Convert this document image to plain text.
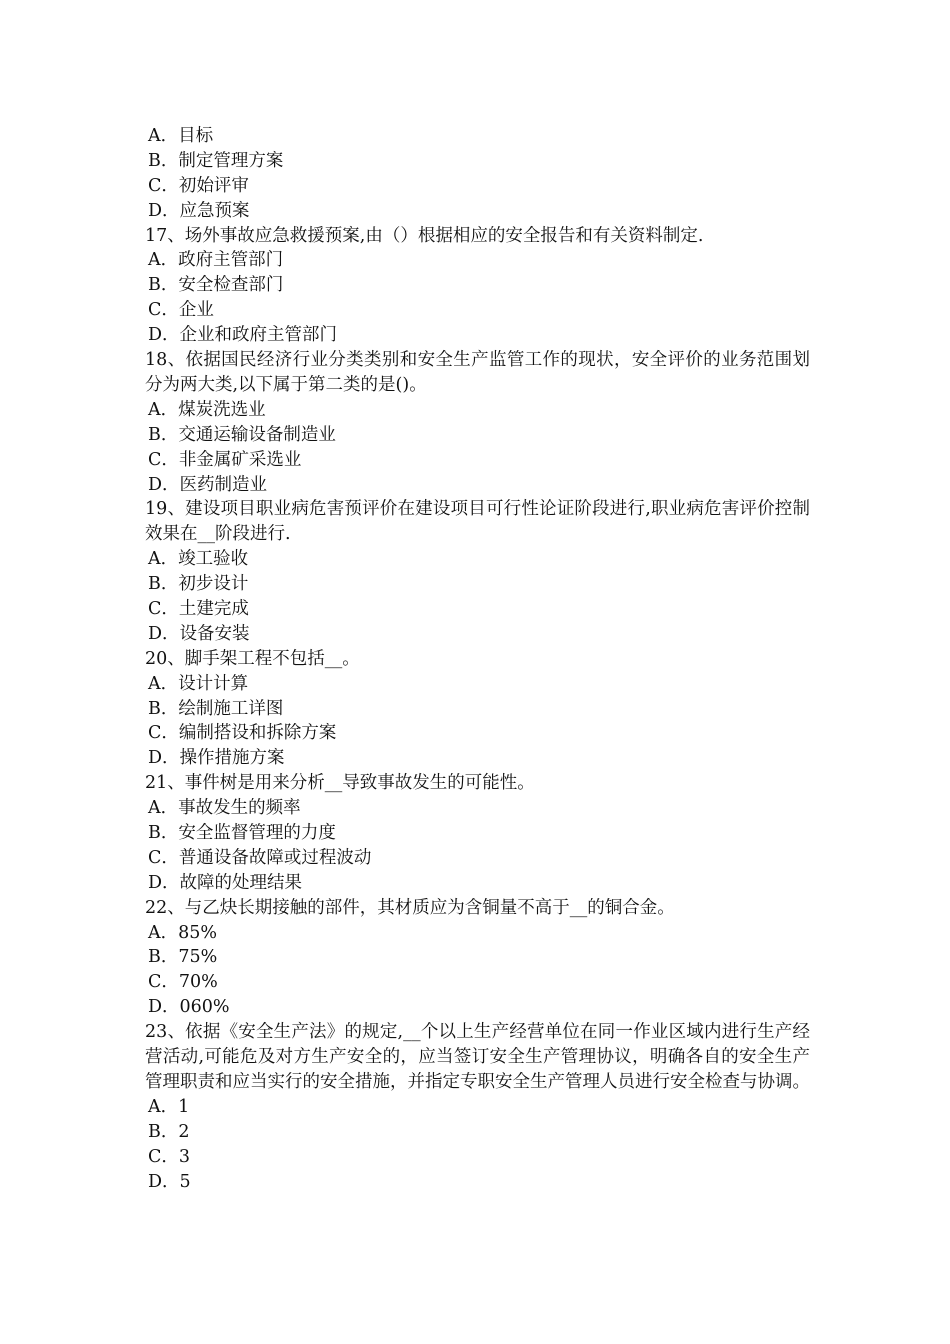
A．目标
B．制定管理方案
C．初始评审
D．应急预案
17、场外事故应急救援预案,由（）根据相应的安全报告和有关资料制定.
A．政府主管部门
B．安全检查部门
C．企业
D．企业和政府主管部门
18、依据国民经济行业分类类别和安全生产监管工作的现状，安全评价的业务范围划分为两大类,以下属于第二类的是()。
A．煤炭洗选业
B．交通运输设备制造业
C．非金属矿采选业
D．医药制造业
19、建设项目职业病危害预评价在建设项目可行性论证阶段进行,职业病危害评价控制效果在__阶段进行.
A．竣工验收
B．初步设计
C．土建完成
D．设备安装
20、脚手架工程不包括__。
A．设计计算
B．绘制施工详图
C．编制搭设和拆除方案
D．操作措施方案
21、事件树是用来分析__导致事故发生的可能性。
A．事故发生的频率
B．安全监督管理的力度
C．普通设备故障或过程波动
D．故障的处理结果
22、与乙炔长期接触的部件，其材质应为含铜量不高于__的铜合金。
A．85%
B．75%
C．70%
D．060%
23、依据《安全生产法》的规定,__个以上生产经营单位在同一作业区域内进行生产经营活动,可能危及对方生产安全的，应当签订安全生产管理协议，明确各自的安全生产管理职责和应当实行的安全措施，并指定专职安全生产管理人员进行安全检查与协调。
A．1
B．2
C．3
D．5
